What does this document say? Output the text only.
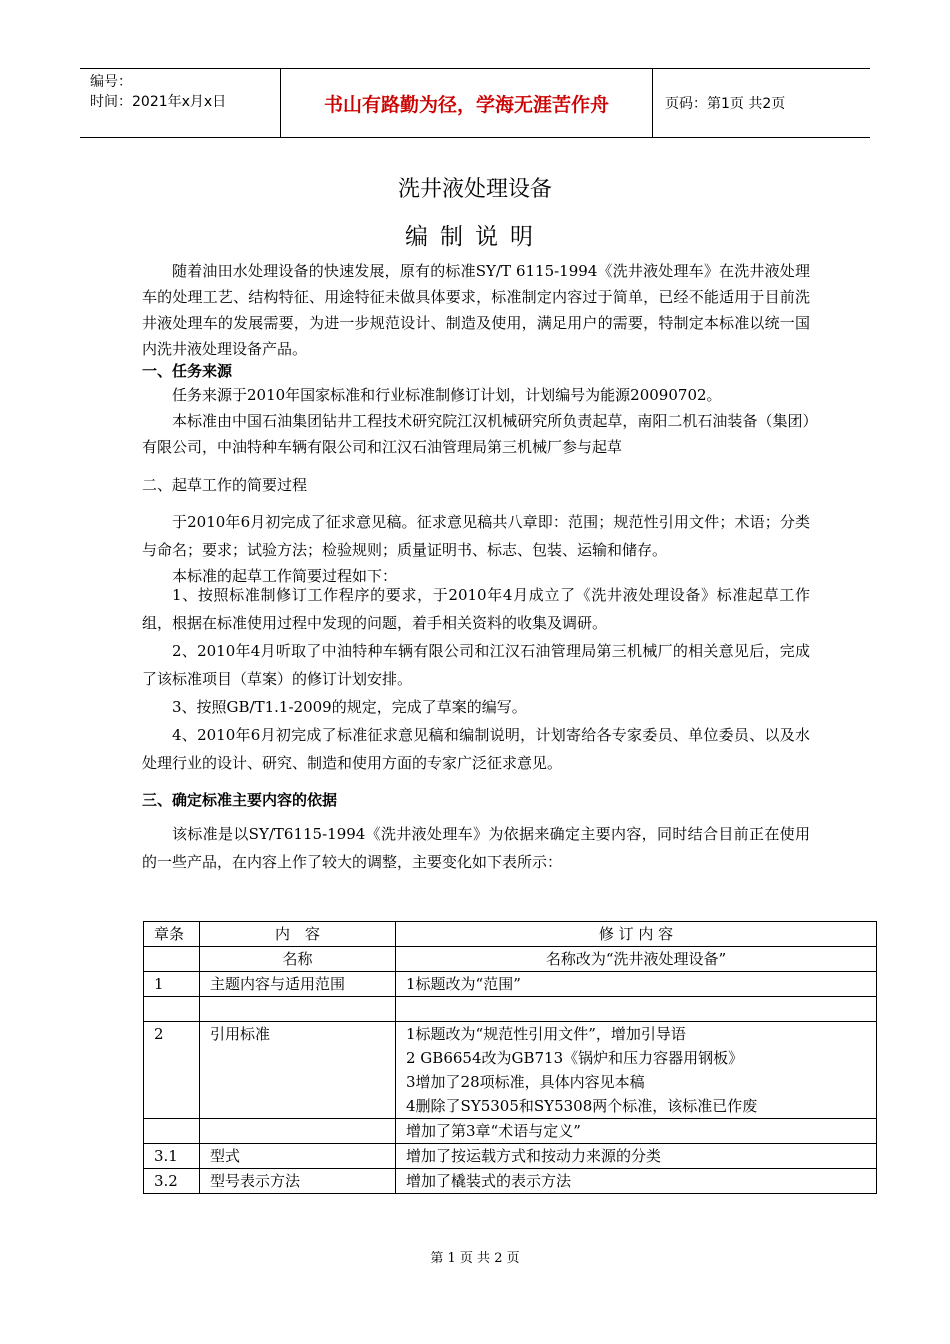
编号：
时间：2021年x月x日	书山有路勤为径，学海无涯苦作舟	页码：第1页 共2页
洗井液处理设备
编制说明
随着油田水处理设备的快速发展，原有的标准SY/T 6115-1994《洗井液处理车》在洗井液处理车的处理工艺、结构特征、用途特征未做具体要求，标准制定内容过于简单，已经不能适用于目前洗井液处理车的发展需要，为进一步规范设计、制造及使用，满足用户的需要，特制定本标准以统一国内洗井液处理设备产品。
一、任务来源
任务来源于2010年国家标准和行业标准制修订计划，计划编号为能源20090702。
本标准由中国石油集团钻井工程技术研究院江汉机械研究所负责起草，南阳二机石油装备（集团）有限公司，中油特种车辆有限公司和江汉石油管理局第三机械厂参与起草
二、起草工作的简要过程
于2010年6月初完成了征求意见稿。征求意见稿共八章即：范围；规范性引用文件；术语；分类与命名；要求；试验方法；检验规则；质量证明书、标志、包装、运输和储存。
本标准的起草工作简要过程如下：
1、按照标准制修订工作程序的要求，于2010年4月成立了《洗井液处理设备》标准起草工作组，根据在标准使用过程中发现的问题，着手相关资料的收集及调研。
2、2010年4月听取了中油特种车辆有限公司和江汉石油管理局第三机械厂的相关意见后，完成了该标准项目（草案）的修订计划安排。
3、按照GB/T1.1-2009的规定，完成了草案的编写。
4、2010年6月初完成了标准征求意见稿和编制说明，计划寄给各专家委员、单位委员、以及水处理行业的设计、研究、制造和使用方面的专家广泛征求意见。
三、确定标准主要内容的依据
该标准是以SY/T6115-1994《洗井液处理车》为依据来确定主要内容，同时结合目前正在使用的一些产品，在内容上作了较大的调整，主要变化如下表所示：
章条	内　容	修 订 内 容
	名称	名称改为“洗井液处理设备”
1	主题内容与适用范围	1标题改为“范围”

2	引用标准	1标题改为“规范性引用文件”，增加引导语
		2 GB6654改为GB713《锅炉和压力容器用钢板》
		3增加了28项标准，具体内容见本稿
		4删除了SY5305和SY5308两个标准，该标准已作废
		增加了第3章“术语与定义”
3.1	型式	增加了按运载方式和按动力来源的分类
3.2	型号表示方法	增加了橇装式的表示方法
第 1 页 共 2 页
